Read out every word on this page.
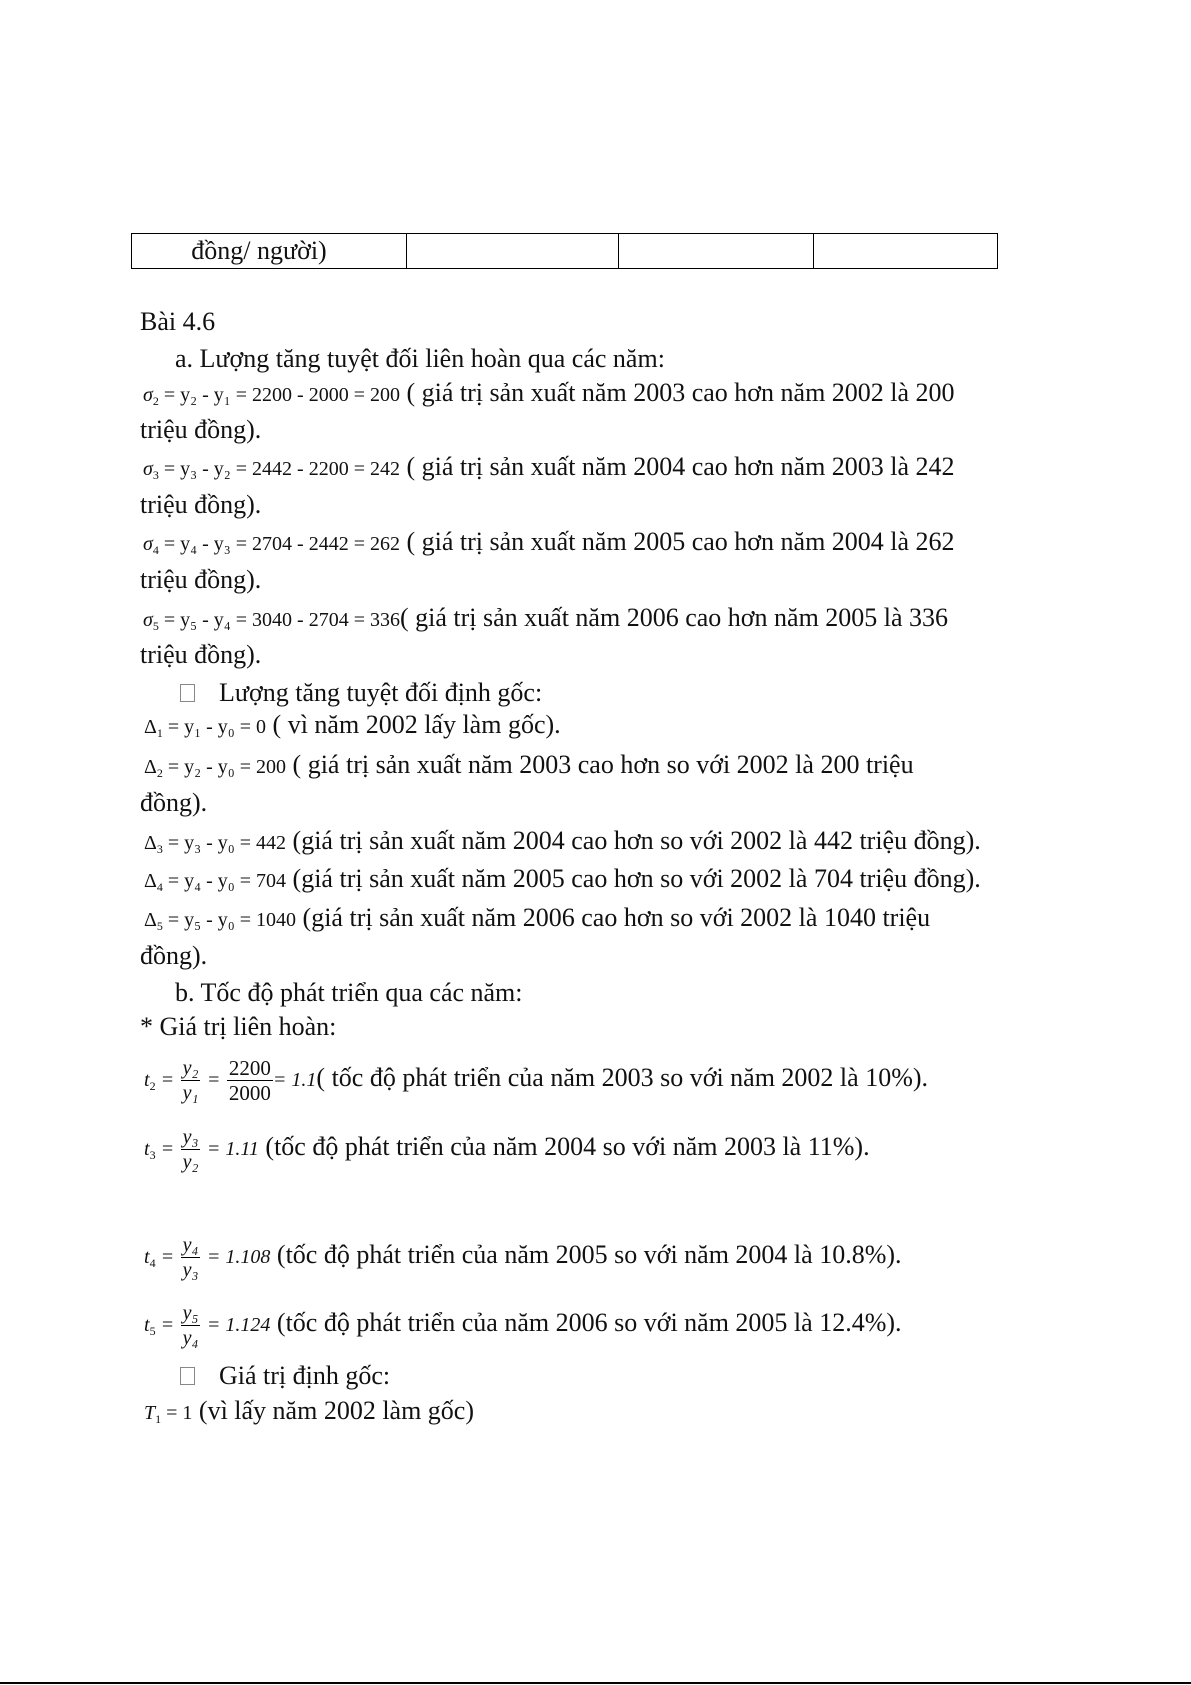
đồng/ người)
Bài 4.6
a. Lượng tăng tuyệt đối liên hoàn qua các năm:
$\sigma_2 = y_2 - y_1 = 2200 - 2000 = 200$ ( giá trị sản xuất năm 2003 cao hơn năm 2002 là 200
triệu đồng).
$\sigma_3 = y_3 - y_2 = 2442 - 2200 = 242$ ( giá trị sản xuất năm 2004 cao hơn năm 2003 là 242
triệu đồng).
$\sigma_4 = y_4 - y_3 = 2704 - 2442 = 262$ ( giá trị sản xuất năm 2005 cao hơn năm 2004 là 262
triệu đồng).
$\sigma_5 = y_5 - y_4 = 3040 - 2704 = 336$( giá trị sản xuất năm 2006 cao hơn năm 2005 là 336
triệu đồng).
Lượng tăng tuyệt đối định gốc:
$\Delta_1 = y_1 - y_0 = 0$ ( vì năm 2002 lấy làm gốc).
$\Delta_2 = y_2 - y_0 = 200$ ( giá trị sản xuất năm 2003 cao hơn so với 2002 là 200 triệu
đồng).
$\Delta_3 = y_3 - y_0 = 442$ (giá trị sản xuất năm 2004 cao hơn so với 2002 là 442 triệu đồng).
$\Delta_4 = y_4 - y_0 = 704$ (giá trị sản xuất năm 2005 cao hơn so với 2002 là 704 triệu đồng).
$\Delta_5 = y_5 - y_0 = 1040$ (giá trị sản xuất năm 2006 cao hơn so với 2002 là 1040 triệu
đồng).
b. Tốc độ phát triển qua các năm:
* Giá trị liên hoàn:
$t_2 = \frac{\text{y₂}}{\text{y₁}} = \frac{2200}{2000} = 1.1$( tốc độ phát triển của năm 2003 so với năm 2002 là 10%).
$t_3 = \frac{\text{y₃}}{\text{y₂}} = 1.11$ (tốc độ phát triển của năm 2004 so với năm 2003 là 11%).
$t_4 = \frac{\text{y₄}}{\text{y₃}} = 1.108$ (tốc độ phát triển của năm 2005 so với năm 2004 là 10.8%).
$t_5 = \frac{\text{y₅}}{\text{y₄}} = 1.124$ (tốc độ phát triển của năm 2006 so với năm 2005 là 12.4%).
Giá trị định gốc:
$T_1 = 1$ (vì lấy năm 2002 làm gốc)
